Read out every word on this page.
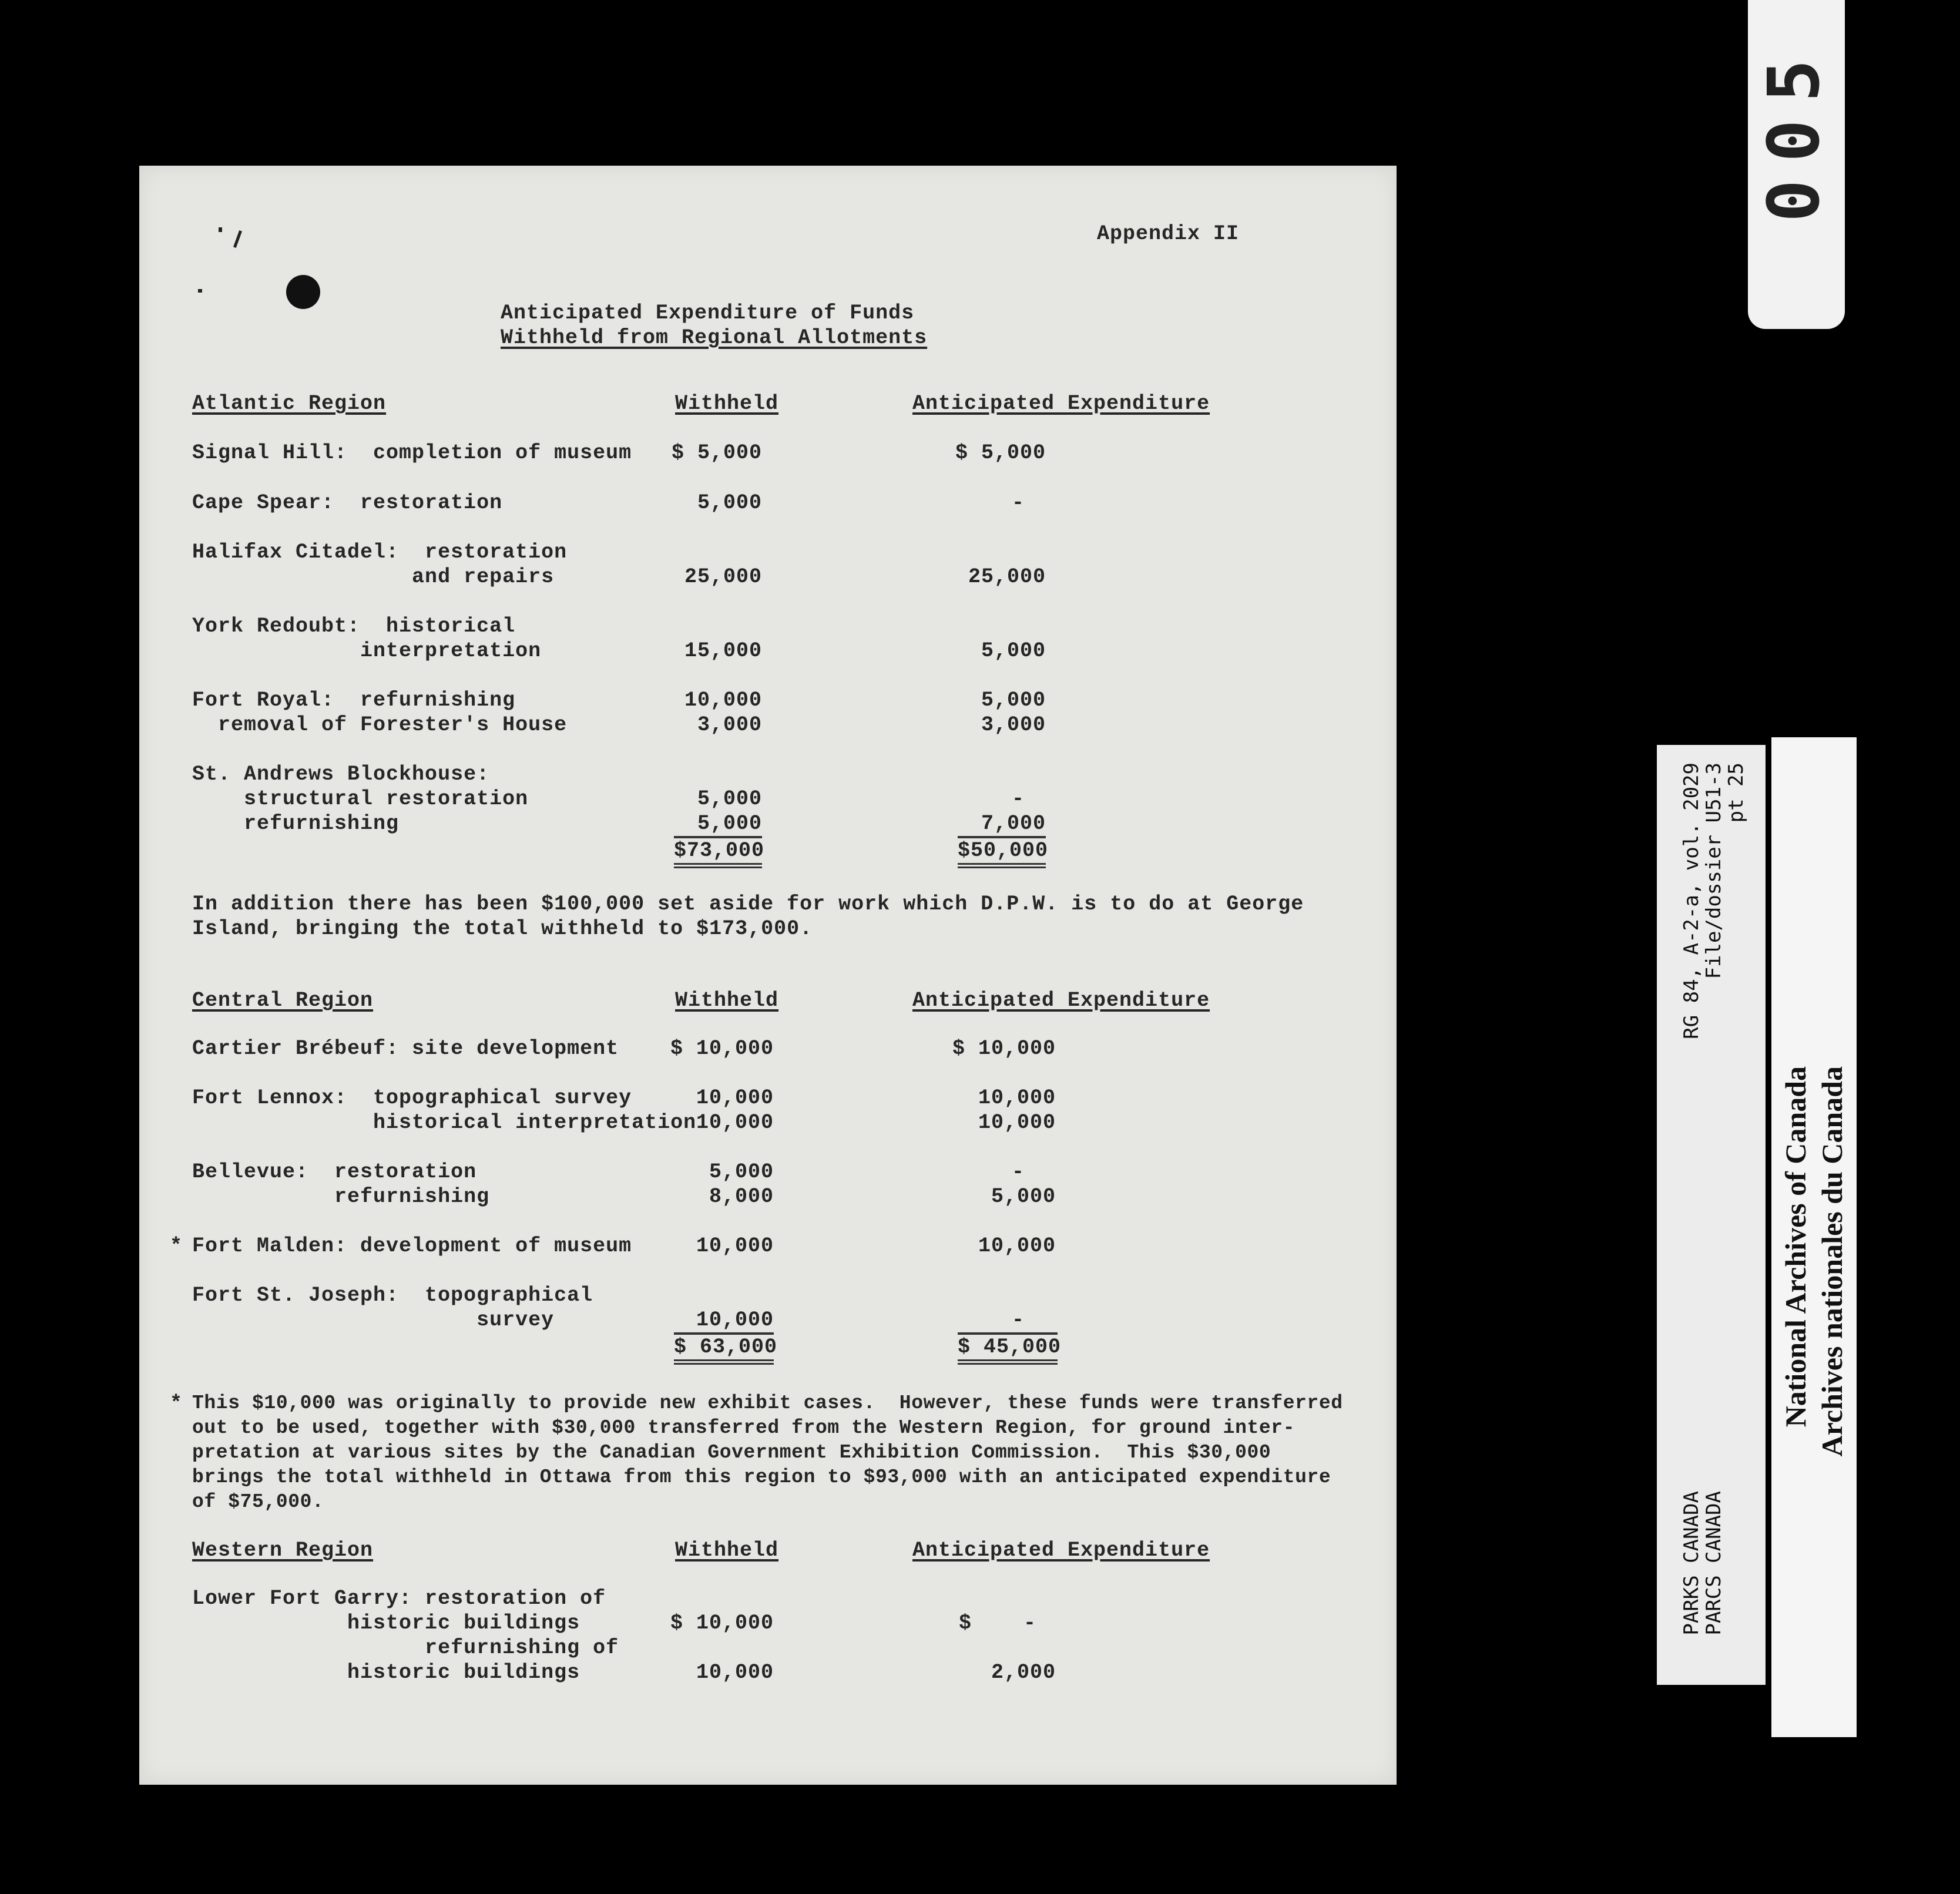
005
Appendix II
Anticipated Expenditure of Funds
Withheld from Regional Allotments
Atlantic Region	Withheld	Anticipated Expenditure
Signal Hill:  completion of museum	$ 5,000	$ 5,000
Cape Spear:  restoration	5,000	-
Halifax Citadel:  restoration
and repairs	25,000	25,000
York Redoubt:  historical
interpretation	15,000	5,000
Fort Royal:  refurnishing	10,000	5,000
removal of Forester's House	3,000	3,000
St. Andrews Blockhouse:
structural restoration	5,000	-
refurnishing	5,000	7,000
$73,000	$50,000
In addition there has been $100,000 set aside for work which D.P.W. is to do at George
Island, bringing the total withheld to $173,000.
Central Region	Withheld	Anticipated Expenditure
Cartier Brébeuf: site development	$ 10,000	$ 10,000
Fort Lennox:  topographical survey	10,000	10,000
historical interpretation 10,000	10,000
Bellevue:  restoration	5,000	-
refurnishing	8,000	5,000
* Fort Malden: development of museum	10,000	10,000
Fort St. Joseph:  topographical
survey	10,000	-
$ 63,000	$ 45,000
* This $10,000 was originally to provide new exhibit cases.  However, these funds were transferred
out to be used, together with $30,000 transferred from the Western Region, for ground inter-
pretation at various sites by the Canadian Government Exhibition Commission.  This $30,000
brings the total withheld in Ottawa from this region to $93,000 with an anticipated expenditure
of $75,000.
Western Region	Withheld	Anticipated Expenditure
Lower Fort Garry: restoration of
historic buildings	$ 10,000	$    -
refurnishing of
historic buildings	10,000	2,000
RG 84, A-2-a, vol. 2029
File/dossier U51-3
pt 25
PARKS CANADA
PARCS CANADA
National Archives of Canada Archives nationales du Canada
